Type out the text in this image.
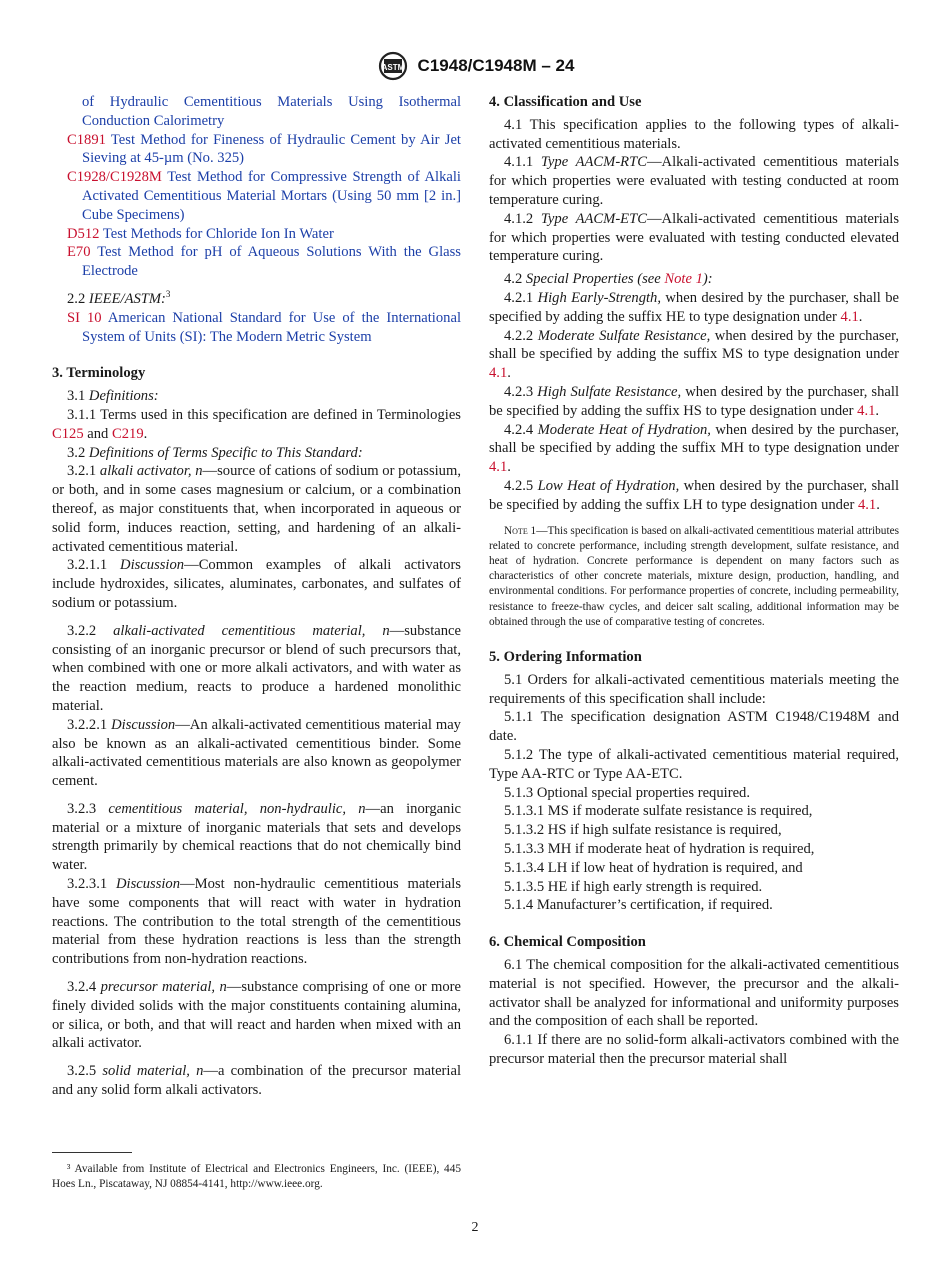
ASTM C1948/C1948M – 24

of Hydraulic Cementitious Materials Using Isothermal Conduction Calorimetry

C1891 Test Method for Fineness of Hydraulic Cement by Air Jet Sieving at 45-µm (No. 325)

C1928/C1928M Test Method for Compressive Strength of Alkali Activated Cementitious Material Mortars (Using 50 mm [2 in.] Cube Specimens)

D512 Test Methods for Chloride Ion In Water

E70 Test Method for pH of Aqueous Solutions With the Glass Electrode

2.2 IEEE/ASTM:$^3$

SI 10 American National Standard for Use of the International System of Units (SI): The Modern Metric System

3. Terminology

3.1 Definitions:

3.1.1 Terms used in this specification are defined in Terminologies C125 and C219.

3.2 Definitions of Terms Specific to This Standard:

3.2.1 alkali activator, n—source of cations of sodium or potassium, or both, and in some cases magnesium or calcium, or a combination thereof, as major constituents that, when incorporated in aqueous or solid form, induces reaction, setting, and hardening of an alkali-activated cementitious material.

3.2.1.1 Discussion—Common examples of alkali activators include hydroxides, silicates, aluminates, carbonates, and sulfates of sodium or potassium.

3.2.2 alkali-activated cementitious material, n—substance consisting of an inorganic precursor or blend of such precursors that, when combined with one or more alkali activators, and with water as the reaction medium, reacts to produce a hardened monolithic material.

3.2.2.1 Discussion—An alkali-activated cementitious material may also be known as an alkali-activated cementitious binder. Some alkali-activated cementitious materials are also known as geopolymer cement.

3.2.3 cementitious material, non-hydraulic, n—an inorganic material or a mixture of inorganic materials that sets and develops strength primarily by chemical reactions that do not chemically bind water.

3.2.3.1 Discussion—Most non-hydraulic cementitious materials have some components that will react with water in hydration reactions. The contribution to the total strength of the cementitious material from these hydration reactions is less than the strength contributions from non-hydration reactions.

3.2.4 precursor material, n—substance comprising of one or more finely divided solids with the major constituents containing alumina, or silica, or both, and that will react and harden when mixed with an alkali activator.

3.2.5 solid material, n—a combination of the precursor material and any solid form alkali activators.

³ Available from Institute of Electrical and Electronics Engineers, Inc. (IEEE), 445 Hoes Ln., Piscataway, NJ 08854-4141, http://www.ieee.org.

4. Classification and Use

4.1 This specification applies to the following types of alkali-activated cementitious materials.

4.1.1 Type AACM-RTC—Alkali-activated cementitious materials for which properties were evaluated with testing conducted at room temperature curing.

4.1.2 Type AACM-ETC—Alkali-activated cementitious materials for which properties were evaluated with testing conducted elevated temperature curing.

4.2 Special Properties (see Note 1):

4.2.1 High Early-Strength, when desired by the purchaser, shall be specified by adding the suffix HE to type designation under 4.1.

4.2.2 Moderate Sulfate Resistance, when desired by the purchaser, shall be specified by adding the suffix MS to type designation under 4.1.

4.2.3 High Sulfate Resistance, when desired by the purchaser, shall be specified by adding the suffix HS to type designation under 4.1.

4.2.4 Moderate Heat of Hydration, when desired by the purchaser, shall be specified by adding the suffix MH to type designation under 4.1.

4.2.5 Low Heat of Hydration, when desired by the purchaser, shall be specified by adding the suffix LH to type designation under 4.1.

Note 1—This specification is based on alkali-activated cementitious material attributes related to concrete performance, including strength development, sulfate resistance, and heat of hydration. Concrete performance is dependent on many factors such as characteristics of other concrete materials, mixture design, production, handling, and environmental conditions. For performance properties of concrete, including permeability, resistance to freeze-thaw cycles, and deicer salt scaling, additional information may be obtained through the use of comparative testing of concretes.

5. Ordering Information

5.1 Orders for alkali-activated cementitious materials meeting the requirements of this specification shall include:

5.1.1 The specification designation ASTM C1948/C1948M and date.

5.1.2 The type of alkali-activated cementitious material required, Type AA-RTC or Type AA-ETC.

5.1.3 Optional special properties required.

5.1.3.1 MS if moderate sulfate resistance is required,

5.1.3.2 HS if high sulfate resistance is required,

5.1.3.3 MH if moderate heat of hydration is required,

5.1.3.4 LH if low heat of hydration is required, and

5.1.3.5 HE if high early strength is required.

5.1.4 Manufacturer’s certification, if required.

6. Chemical Composition

6.1 The chemical composition for the alkali-activated cementitious material is not specified. However, the precursor and the alkali-activator shall be analyzed for informational and uniformity purposes and the composition of each shall be reported.

6.1.1 If there are no solid-form alkali-activators combined with the precursor material then the precursor material shall

2
